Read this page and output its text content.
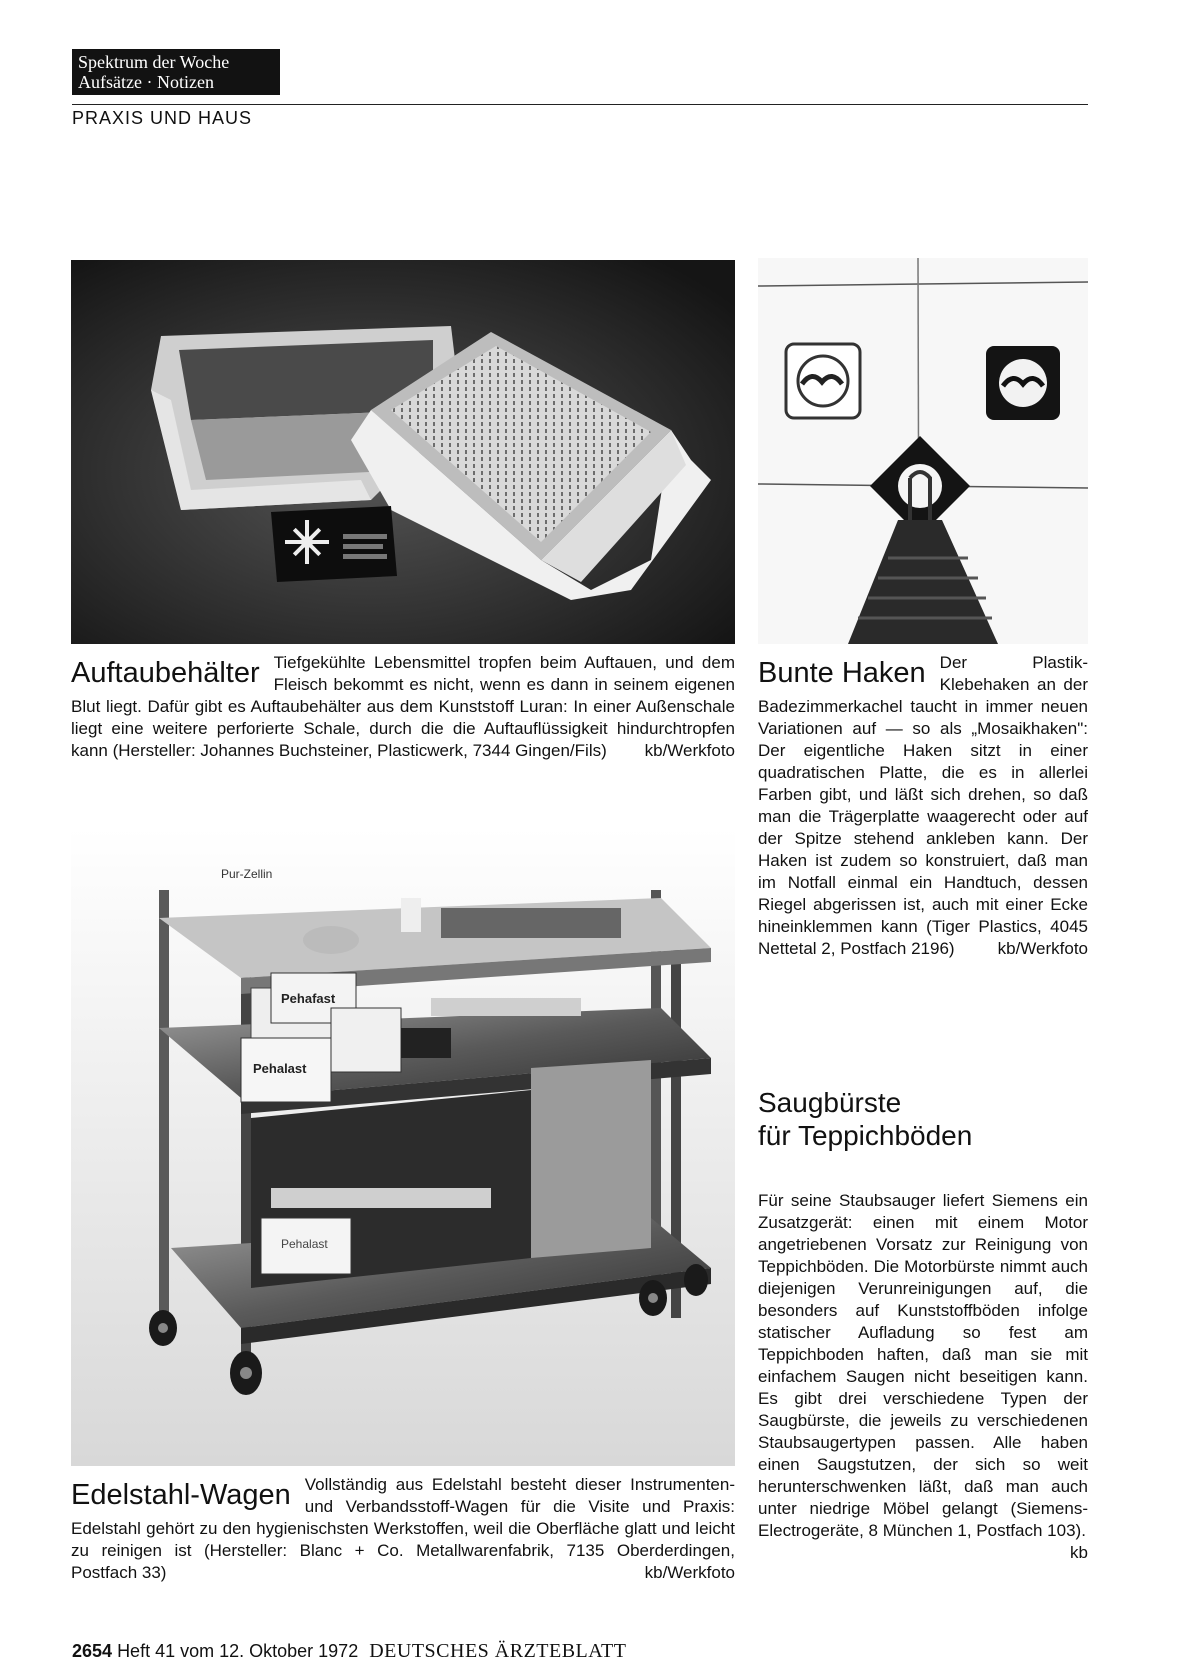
Spektrum der Woche
Aufsätze · Notizen
PRAXIS UND HAUS
Auftaubehälter Tiefgekühlte Lebensmittel tropfen beim Auftauen, und dem Fleisch bekommt es nicht, wenn es dann in seinem eigenen Blut liegt. Dafür gibt es Auftaubehälter aus dem Kunststoff Luran: In einer Außenschale liegt eine weitere perforierte Schale, durch die die Auftauflüssigkeit hindurchtropfen kann (Hersteller: Johannes Buchsteiner, Plasticwerk, 7344 Gingen/Fils) kb/Werkfoto
Bunte Haken Der Plastik-Klebehaken an der Badezimmerkachel taucht in immer neuen Variationen auf — so als „Mosaikhaken": Der eigentliche Haken sitzt in einer quadratischen Platte, die es in allerlei Farben gibt, und läßt sich drehen, so daß man die Trägerplatte waagerecht oder auf der Spitze stehend ankleben kann. Der Haken ist zudem so konstruiert, daß man im Notfall einmal ein Handtuch, dessen Riegel abgerissen ist, auch mit einer Ecke hineinklemmen kann (Tiger Plastics, 4045 Nettetal 2, Postfach 2196)	kb/Werkfoto
Pur-Zellin
Pehafast
Pehalast
Pehalast
Edelstahl-Wagen Vollständig aus Edelstahl besteht dieser Instrumenten- und Verbandsstoff-Wagen für die Visite und Praxis: Edelstahl gehört zu den hygienischsten Werkstoffen, weil die Oberfläche glatt und leicht zu reinigen ist (Hersteller: Blanc + Co. Metallwarenfabrik, 7135 Oberderdingen, Postfach 33)	kb/Werkfoto
Saugbürste
für Teppichböden
Für seine Staubsauger liefert Siemens ein Zusatzgerät: einen mit einem Motor angetriebenen Vorsatz zur Reinigung von Teppichböden. Die Motorbürste nimmt auch diejenigen Verunreinigungen auf, die besonders auf Kunststoffböden infolge statischer Aufladung so fest am Teppichboden haften, daß man sie mit einfachem Saugen nicht beseitigen kann. Es gibt drei verschiedene Typen der Saugbürste, die jeweils zu verschiedenen Staubsaugertypen passen. Alle haben einen Saugstutzen, der sich so weit herunterschwenken läßt, daß man auch unter niedrige Möbel gelangt (Siemens-Electrogeräte, 8 München 1, Postfach 103).
kb
2654 Heft 41 vom 12. Oktober 1972 DEUTSCHES ÄRZTEBLATT
